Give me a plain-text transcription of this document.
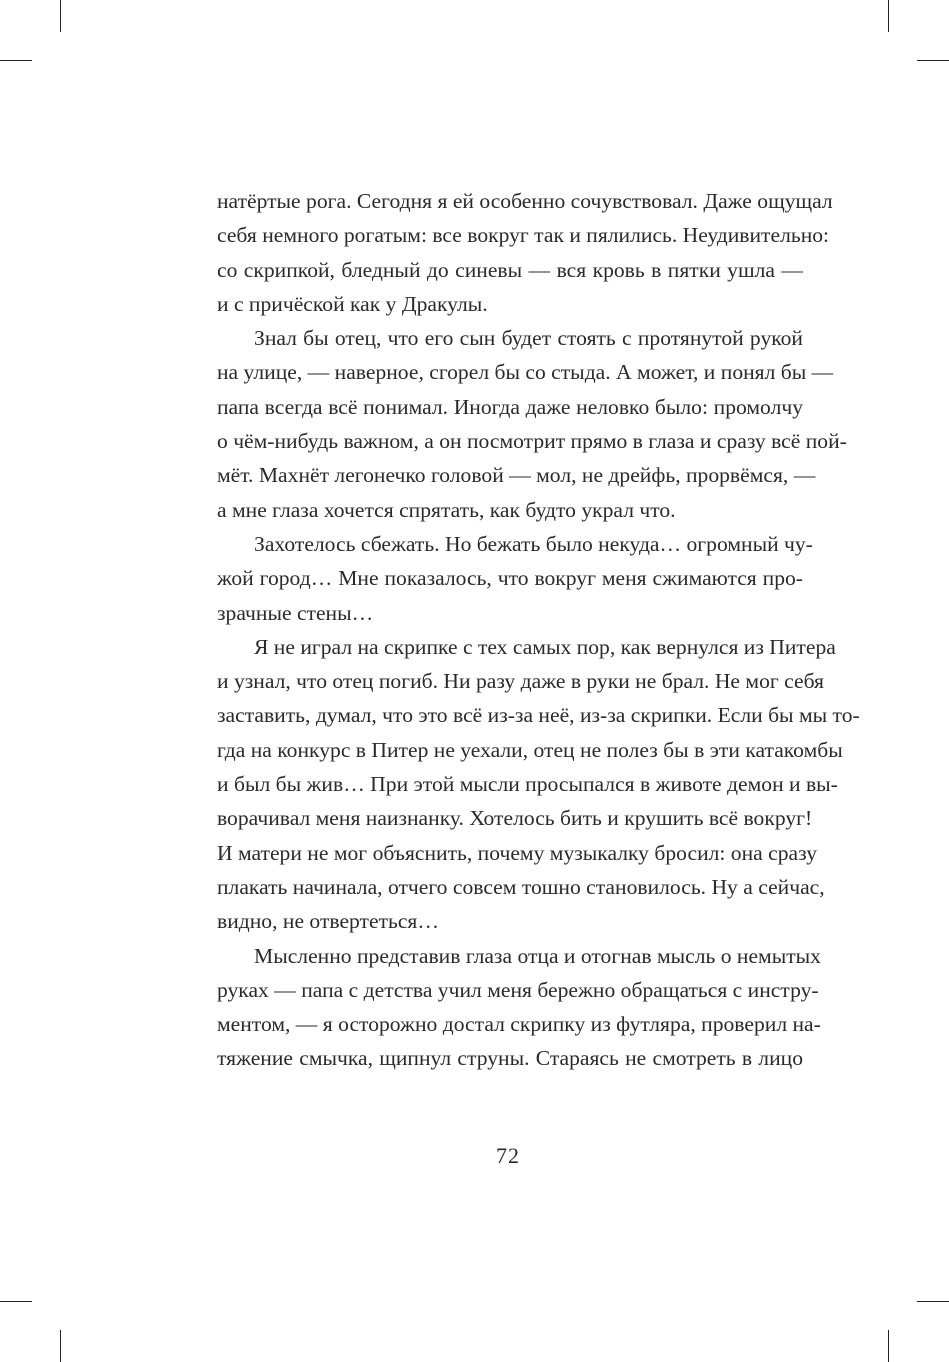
натёртые рога. Сегодня я ей особенно сочувствовал. Даже ощущал

себя немного рогатым: все вокруг так и пялились. Неудивительно:

со скрипкой, бледный до синевы — вся кровь в пятки ушла —

и с причёской как у Дракулы.

Знал бы отец, что его сын будет стоять с протянутой рукой

на улице, — наверное, сгорел бы со стыда. А может, и понял бы —

папа всегда всё понимал. Иногда даже неловко было: промолчу

о чём-нибудь важном, а он посмотрит прямо в глаза и сразу всё пой-

мёт. Махнёт легонечко головой — мол, не дрейфь, прорвёмся, —

а мне глаза хочется спрятать, как будто украл что.

Захотелось сбежать. Но бежать было некуда… огромный чу-

жой город… Мне показалось, что вокруг меня сжимаются про-

зрачные стены…

Я не играл на скрипке с тех самых пор, как вернулся из Питера

и узнал, что отец погиб. Ни разу даже в руки не брал. Не мог себя

заставить, думал, что это всё из-за неё, из-за скрипки. Если бы мы то-

гда на конкурс в Питер не уехали, отец не полез бы в эти катакомбы

и был бы жив… При этой мысли просыпался в животе демон и вы-

ворачивал меня наизнанку. Хотелось бить и крушить всё вокруг!

И матери не мог объяснить, почему музыкалку бросил: она сразу

плакать начинала, отчего совсем тошно становилось. Ну а сейчас,

видно, не отвертеться…

Мысленно представив глаза отца и отогнав мысль о немытых

руках — папа с детства учил меня бережно обращаться с инстру-

ментом, — я осторожно достал скрипку из футляра, проверил на-

тяжение смычка, щипнул струны. Стараясь не смотреть в лицо

72
